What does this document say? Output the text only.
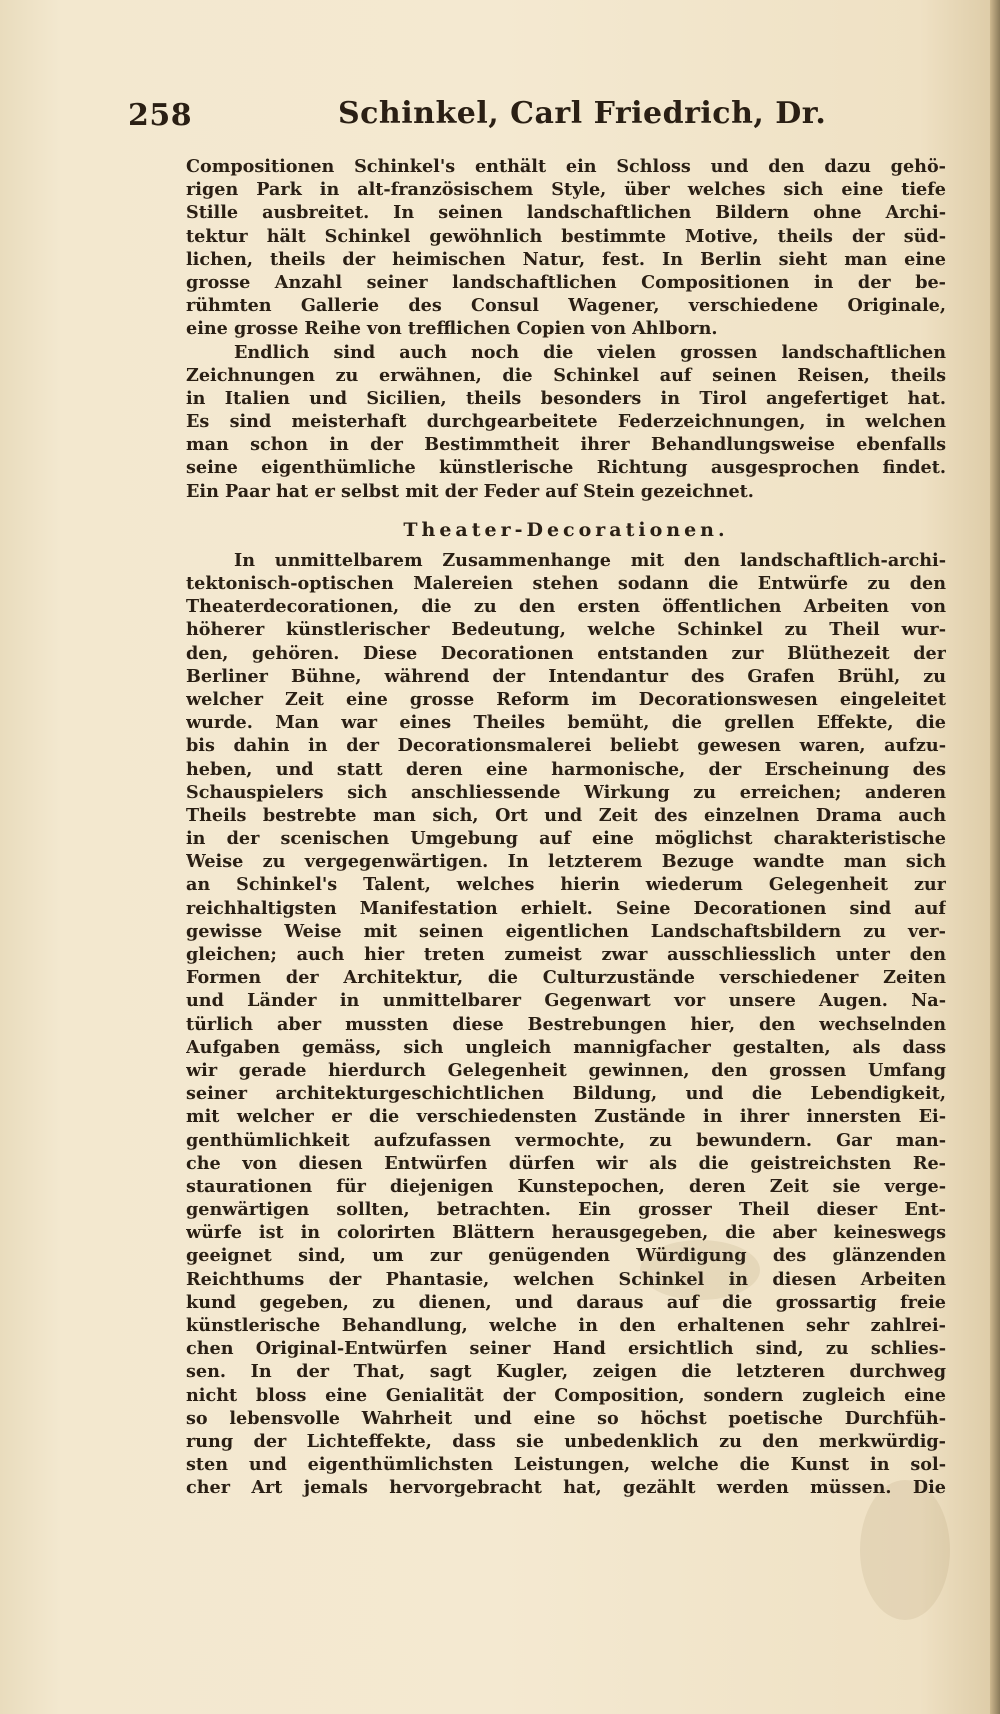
258	Schinkel, Carl Friedrich, Dr.
Compositionen Schinkel's enthält ein Schloss und den dazu gehö-
rigen Park in alt-französischem Style, über welches sich eine tiefe
Stille ausbreitet. In seinen landschaftlichen Bildern ohne Archi-
tektur hält Schinkel gewöhnlich bestimmte Motive, theils der süd-
lichen, theils der heimischen Natur, fest. In Berlin sieht man eine
grosse Anzahl seiner landschaftlichen Compositionen in der be-
rühmten Gallerie des Consul Wagener, verschiedene Originale,
eine grosse Reihe von trefflichen Copien von Ahlborn.
Endlich sind auch noch die vielen grossen landschaftlichen
Zeichnungen zu erwähnen, die Schinkel auf seinen Reisen, theils
in Italien und Sicilien, theils besonders in Tirol angefertiget hat.
Es sind meisterhaft durchgearbeitete Federzeichnungen, in welchen
man schon in der Bestimmtheit ihrer Behandlungsweise ebenfalls
seine eigenthümliche künstlerische Richtung ausgesprochen findet.
Ein Paar hat er selbst mit der Feder auf Stein gezeichnet.
Theater-Decorationen.
In unmittelbarem Zusammenhange mit den landschaftlich-archi-
tektonisch-optischen Malereien stehen sodann die Entwürfe zu den
Theaterdecorationen, die zu den ersten öffentlichen Arbeiten von
höherer künstlerischer Bedeutung, welche Schinkel zu Theil wur-
den, gehören. Diese Decorationen entstanden zur Blüthezeit der
Berliner Bühne, während der Intendantur des Grafen Brühl, zu
welcher Zeit eine grosse Reform im Decorationswesen eingeleitet
wurde. Man war eines Theiles bemüht, die grellen Effekte, die
bis dahin in der Decorationsmalerei beliebt gewesen waren, aufzu-
heben, und statt deren eine harmonische, der Erscheinung des
Schauspielers sich anschliessende Wirkung zu erreichen; anderen
Theils bestrebte man sich, Ort und Zeit des einzelnen Drama auch
in der scenischen Umgebung auf eine möglichst charakteristische
Weise zu vergegenwärtigen. In letzterem Bezuge wandte man sich
an Schinkel's Talent, welches hierin wiederum Gelegenheit zur
reichhaltigsten Manifestation erhielt. Seine Decorationen sind auf
gewisse Weise mit seinen eigentlichen Landschaftsbildern zu ver-
gleichen; auch hier treten zumeist zwar ausschliesslich unter den
Formen der Architektur, die Culturzustände verschiedener Zeiten
und Länder in unmittelbarer Gegenwart vor unsere Augen. Na-
türlich aber mussten diese Bestrebungen hier, den wechselnden
Aufgaben gemäss, sich ungleich mannigfacher gestalten, als dass
wir gerade hierdurch Gelegenheit gewinnen, den grossen Umfang
seiner architekturgeschichtlichen Bildung, und die Lebendigkeit,
mit welcher er die verschiedensten Zustände in ihrer innersten Ei-
genthümlichkeit aufzufassen vermochte, zu bewundern. Gar man-
che von diesen Entwürfen dürfen wir als die geistreichsten Re-
staurationen für diejenigen Kunstepochen, deren Zeit sie verge-
genwärtigen sollten, betrachten. Ein grosser Theil dieser Ent-
würfe ist in colorirten Blättern herausgegeben, die aber keineswegs
geeignet sind, um zur genügenden Würdigung des glänzenden
Reichthums der Phantasie, welchen Schinkel in diesen Arbeiten
kund gegeben, zu dienen, und daraus auf die grossartig freie
künstlerische Behandlung, welche in den erhaltenen sehr zahlrei-
chen Original-Entwürfen seiner Hand ersichtlich sind, zu schlies-
sen. In der That, sagt Kugler, zeigen die letzteren durchweg
nicht bloss eine Genialität der Composition, sondern zugleich eine
so lebensvolle Wahrheit und eine so höchst poetische Durchfüh-
rung der Lichteffekte, dass sie unbedenklich zu den merkwürdig-
sten und eigenthümlichsten Leistungen, welche die Kunst in sol-
cher Art jemals hervorgebracht hat, gezählt werden müssen. Die
